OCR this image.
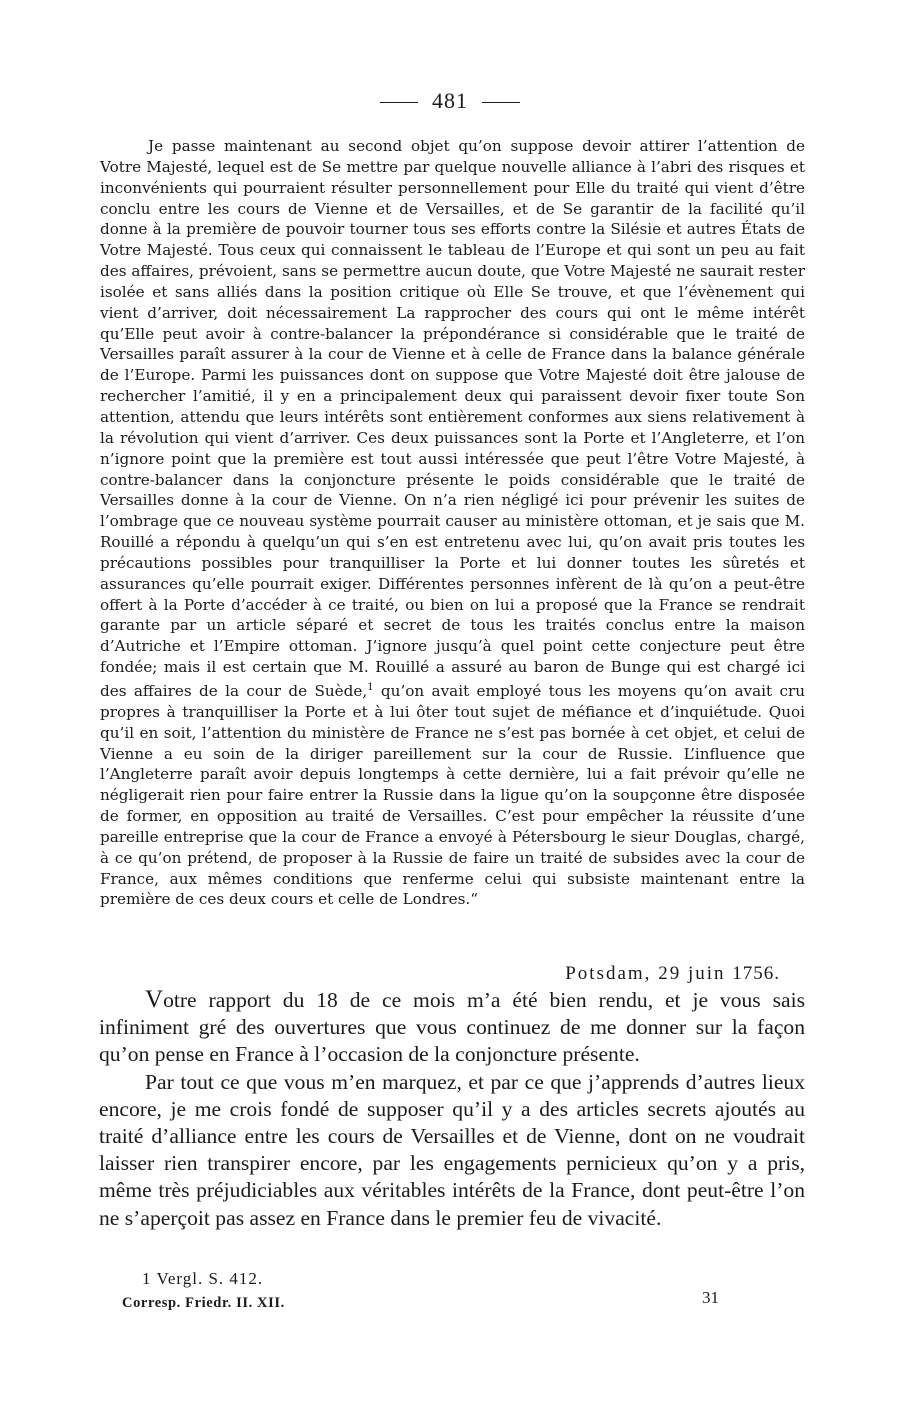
481

Je passe maintenant au second objet qu’on suppose devoir attirer l’attention de Votre Majesté, lequel est de Se mettre par quelque nouvelle alliance à l’abri des risques et inconvénients qui pourraient résulter personnellement pour Elle du traité qui vient d’être conclu entre les cours de Vienne et de Versailles, et de Se garantir de la facilité qu’il donne à la première de pouvoir tourner tous ses efforts contre la Silésie et autres États de Votre Majesté. Tous ceux qui connaissent le tableau de l’Europe et qui sont un peu au fait des affaires, prévoient, sans se permettre aucun doute, que Votre Majesté ne saurait rester isolée et sans alliés dans la position critique où Elle Se trouve, et que l’évènement qui vient d’arriver, doit nécessairement La rapprocher des cours qui ont le même intérêt qu’Elle peut avoir à contre-balancer la prépondérance si considérable que le traité de Versailles paraît assurer à la cour de Vienne et à celle de France dans la balance générale de l’Europe. Parmi les puissances dont on suppose que Votre Majesté doit être jalouse de rechercher l’amitié, il y en a principalement deux qui paraissent devoir fixer toute Son attention, attendu que leurs intérêts sont entièrement conformes aux siens relativement à la révolution qui vient d’arriver. Ces deux puissances sont la Porte et l’Angleterre, et l’on n’ignore point que la première est tout aussi intéressée que peut l’être Votre Majesté, à contre-balancer dans la conjoncture présente le poids considérable que le traité de Versailles donne à la cour de Vienne. On n’a rien négligé ici pour prévenir les suites de l’ombrage que ce nouveau système pourrait causer au ministère ottoman, et je sais que M. Rouillé a répondu à quelqu’un qui s’en est entretenu avec lui, qu’on avait pris toutes les précautions possibles pour tranquilliser la Porte et lui donner toutes les sûretés et assurances qu’elle pourrait exiger. Différentes personnes infèrent de là qu’on a peut-être offert à la Porte d’accéder à ce traité, ou bien on lui a proposé que la France se rendrait garante par un article séparé et secret de tous les traités conclus entre la maison d’Autriche et l’Empire ottoman. J’ignore jusqu’à quel point cette conjecture peut être fondée; mais il est certain que M. Rouillé a assuré au baron de Bunge qui est chargé ici des affaires de la cour de Suède,$^1$ qu’on avait employé tous les moyens qu’on avait cru propres à tranquilliser la Porte et à lui ôter tout sujet de méfiance et d’inquiétude. Quoi qu’il en soit, l’attention du ministère de France ne s’est pas bornée à cet objet, et celui de Vienne a eu soin de la diriger pareillement sur la cour de Russie. L’influence que l’Angleterre paraît avoir depuis longtemps à cette dernière, lui a fait prévoir qu’elle ne négligerait rien pour faire entrer la Russie dans la ligue qu’on la soupçonne être disposée de former, en opposition au traité de Versailles. C’est pour empêcher la réussite d’une pareille entreprise que la cour de France a envoyé à Pétersbourg le sieur Douglas, chargé, à ce qu’on prétend, de proposer à la Russie de faire un traité de subsides avec la cour de France, aux mêmes conditions que renferme celui qui subsiste maintenant entre la première de ces deux cours et celle de Londres.“

Potsdam, 29 juin 1756.

Votre rapport du 18 de ce mois m’a été bien rendu, et je vous sais infiniment gré des ouvertures que vous continuez de me donner sur la façon qu’on pense en France à l’occasion de la conjoncture présente.

Par tout ce que vous m’en marquez, et par ce que j’apprends d’autres lieux encore, je me crois fondé de supposer qu’il y a des articles secrets ajoutés au traité d’alliance entre les cours de Versailles et de Vienne, dont on ne voudrait laisser rien transpirer encore, par les engagements pernicieux qu’on y a pris, même très préjudiciables aux véritables intérêts de la France, dont peut-être l’on ne s’aperçoit pas assez en France dans le premier feu de vivacité.

1 Vergl. S. 412.

Corresp. Friedr. II. XII.	31
